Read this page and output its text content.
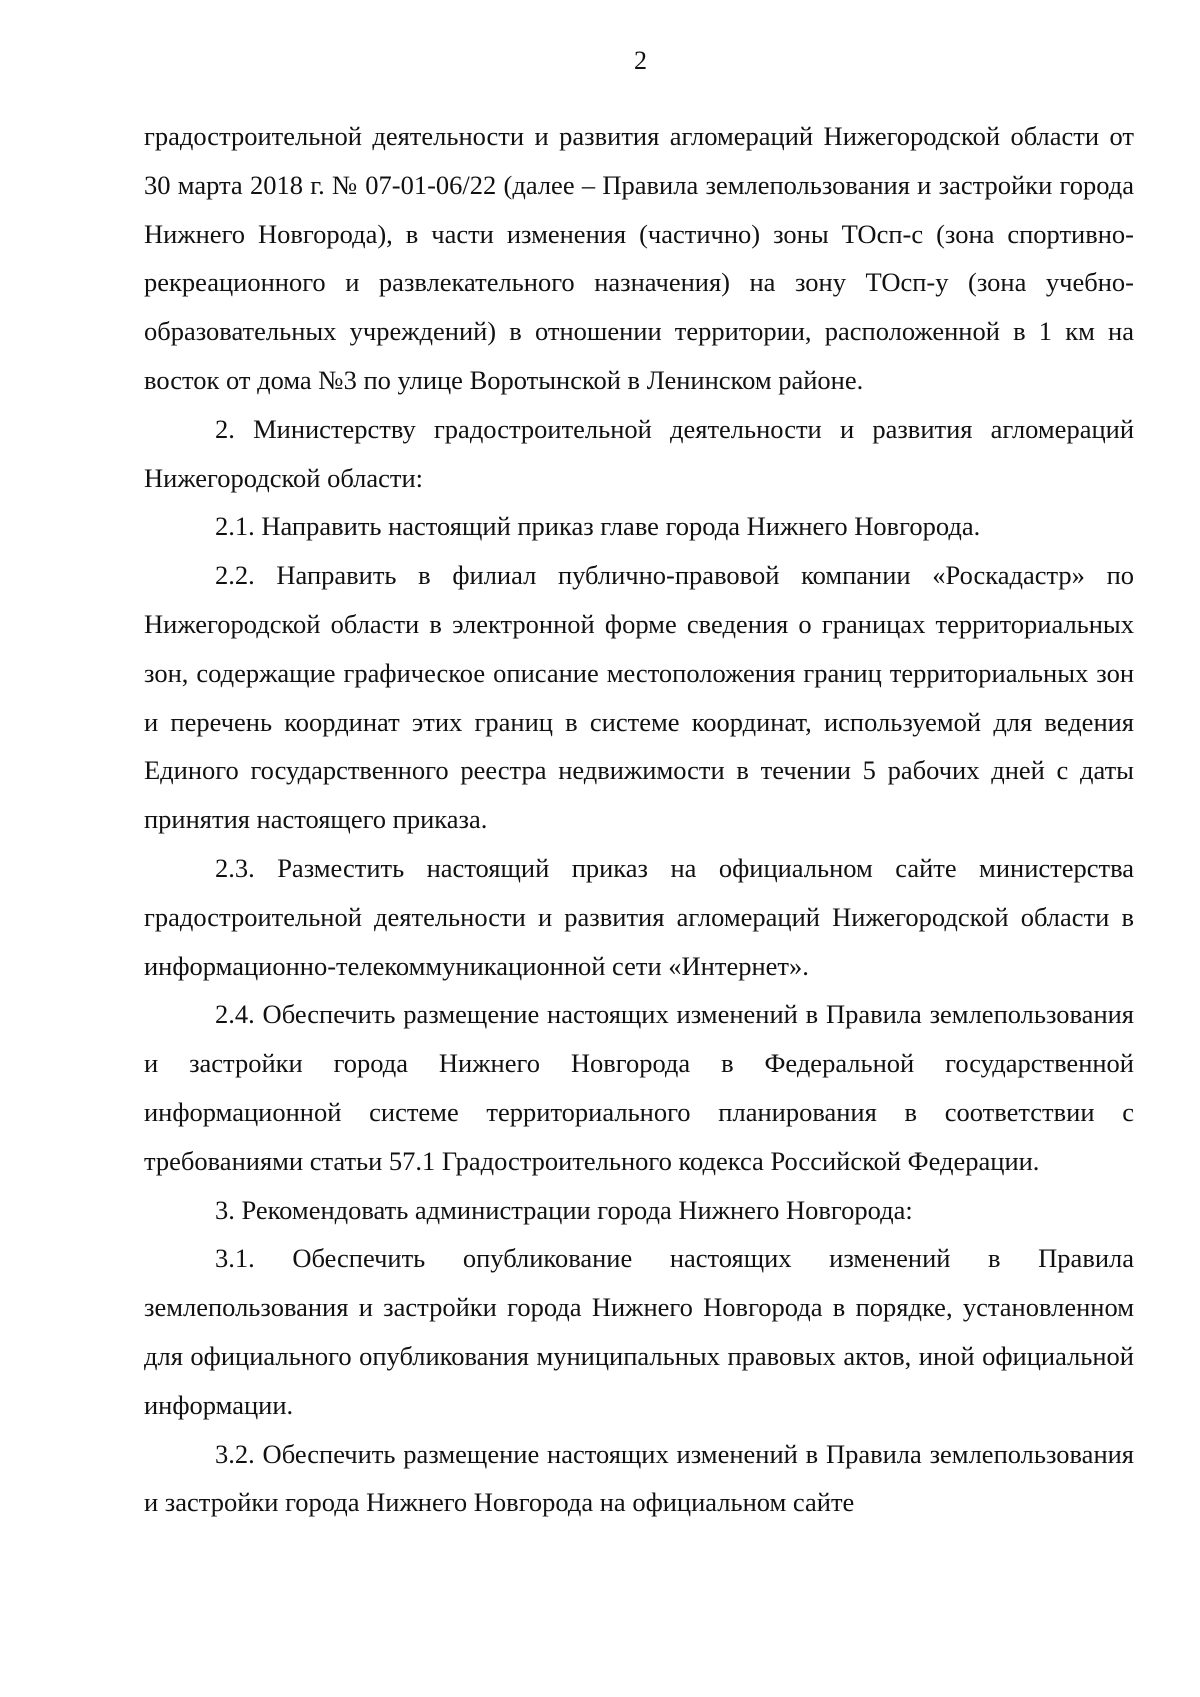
2

градостроительной деятельности и развития агломераций Нижегородской области от 30 марта 2018 г. № 07-01-06/22 (далее – Правила землепользования и застройки города Нижнего Новгорода), в части изменения (частично) зоны ТОсп-с (зона спортивно-рекреационного и развлекательного назначения) на зону ТОсп-у (зона учебно-образовательных учреждений) в отношении территории, расположенной в 1 км на восток от дома №3 по улице Воротынской в Ленинском районе.

2. Министерству градостроительной деятельности и развития агломераций Нижегородской области:

2.1. Направить настоящий приказ главе города Нижнего Новгорода.

2.2. Направить в филиал публично-правовой компании «Роскадастр» по Нижегородской области в электронной форме сведения о границах территориальных зон, содержащие графическое описание местоположения границ территориальных зон и перечень координат этих границ в системе координат, используемой для ведения Единого государственного реестра недвижимости в течении 5 рабочих дней с даты принятия настоящего приказа.

2.3. Разместить настоящий приказ на официальном сайте министерства градостроительной деятельности и развития агломераций Нижегородской области в информационно-телекоммуникационной сети «Интернет».

2.4. Обеспечить размещение настоящих изменений в Правила землепользования и застройки города Нижнего Новгорода в Федеральной государственной информационной системе территориального планирования в соответствии с требованиями статьи 57.1 Градостроительного кодекса Российской Федерации.

3. Рекомендовать администрации города Нижнего Новгорода:

3.1. Обеспечить опубликование настоящих изменений в Правила землепользования и застройки города Нижнего Новгорода в порядке, установленном для официального опубликования муниципальных правовых актов, иной официальной информации.

3.2. Обеспечить размещение настоящих изменений в Правила землепользования и застройки города Нижнего Новгорода на официальном сайте
